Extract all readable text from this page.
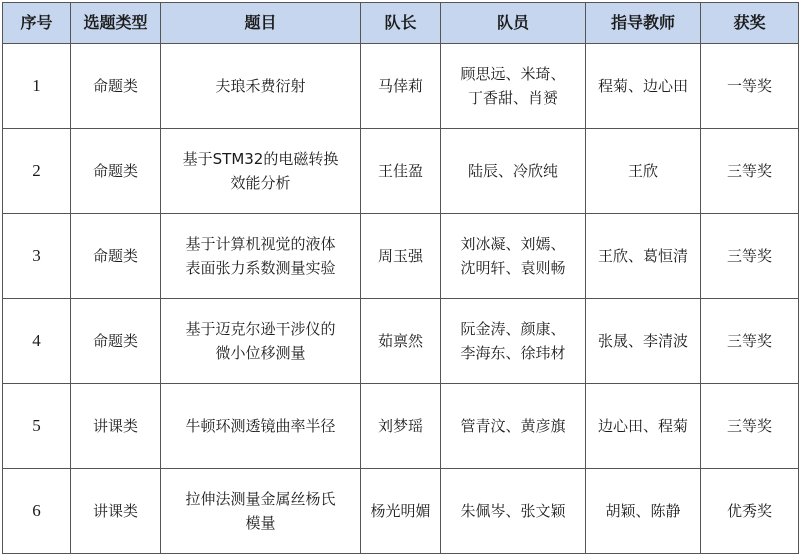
序号	选题类型	题目	队长	队员	指导教师	获奖
1	命题类	夫琅禾费衍射	马倖莉	顾思远、米琦、
丁香甜、肖赟	程菊、边心田	一等奖
2	命题类	基于STM32的电磁转换
效能分析	王佳盈	陆辰、冷欣纯	王欣	三等奖
3	命题类	基于计算机视觉的液体
表面张力系数测量实验	周玉强	刘冰凝、刘嫣、
沈明轩、袁则畅	王欣、葛恒清	三等奖
4	命题类	基于迈克尔逊干涉仪的
微小位移测量	茹禀然	阮金涛、颜康、
李海东、徐玮材	张晟、李清波	三等奖
5	讲课类	牛顿环测透镜曲率半径	刘梦瑶	管青汶、黄彦旗	边心田、程菊	三等奖
6	讲课类	拉伸法测量金属丝杨氏
模量	杨光明媚	朱佩岑、张文颖	胡颖、陈静	优秀奖
